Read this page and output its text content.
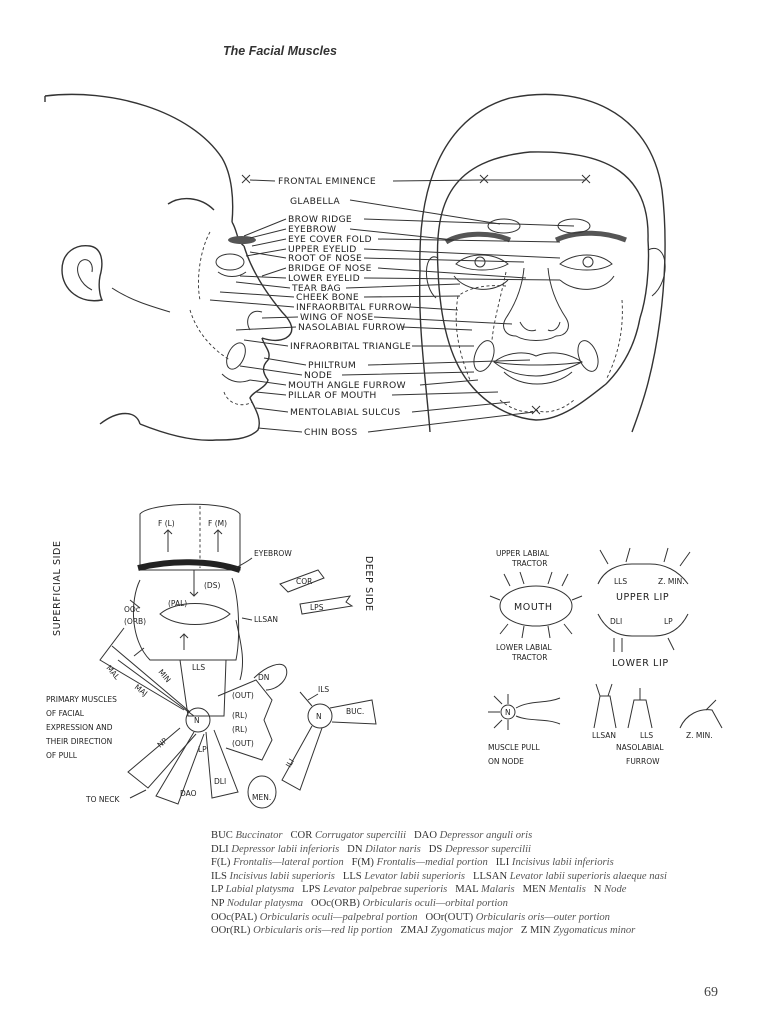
The Facial Muscles
FRONTAL EMINENCE
GLABELLA
BROW RIDGE
EYEBROW
EYE COVER FOLD
UPPER EYELID
ROOT OF NOSE
BRIDGE OF NOSE
LOWER EYELID
TEAR BAG
CHEEK BONE
INFRAORBITAL FURROW
WING OF NOSE
NASOLABIAL FURROW
INFRAORBITAL TRIANGLE
PHILTRUM
NODE
MOUTH ANGLE FURROW
PILLAR OF MOUTH
MENTOLABIAL SULCUS
CHIN BOSS
F (L)	F (M)
EYEBROW
OOc
(ORB)
(PAL)
(DS)	COR
LPS
LLSAN
LLS
MAL
MAJ
MIN	DN
N
(OUT)
(RL)
(RL)
(OUT)
NP	LP
DLI
DAO	MEN.
TO NECK
N
BUC.
ILS
ILI
SUPERFICIAL SIDE	DEEP SIDE
PRIMARY MUSCLES
OF FACIAL
EXPRESSION AND
THEIR DIRECTION
OF PULL
UPPER LABIAL
TRACTOR
MOUTH
LOWER LABIAL
TRACTOR
LLS	Z. MIN.
UPPER LIP
DLI	LP
LOWER LIP
N
MUSCLE PULL
ON NODE
LLSAN	LLS	Z. MIN.
NASOLABIAL
FURROW
BUC Buccinator COR Corrugator supercilii DAO Depressor anguli oris
DLI Depressor labii inferioris DN Dilator naris DS Depressor supercilii
F(L) Frontalis—lateral portion F(M) Frontalis—medial portion ILI Incisivus labii inferioris
ILS Incisivus labii superioris LLS Levator labii superioris LLSAN Levator labii superioris alaeque nasi
LP Labial platysma LPS Levator palpebrae superioris MAL Malaris MEN Mentalis N Node
NP Nodular platysma OOc(ORB) Orbicularis oculi—orbital portion
OOc(PAL) Orbicularis oculi—palpebral portion OOr(OUT) Orbicularis oris—outer portion
OOr(RL) Orbicularis oris—red lip portion ZMAJ Zygomaticus major Z MIN Zygomaticus minor
69
